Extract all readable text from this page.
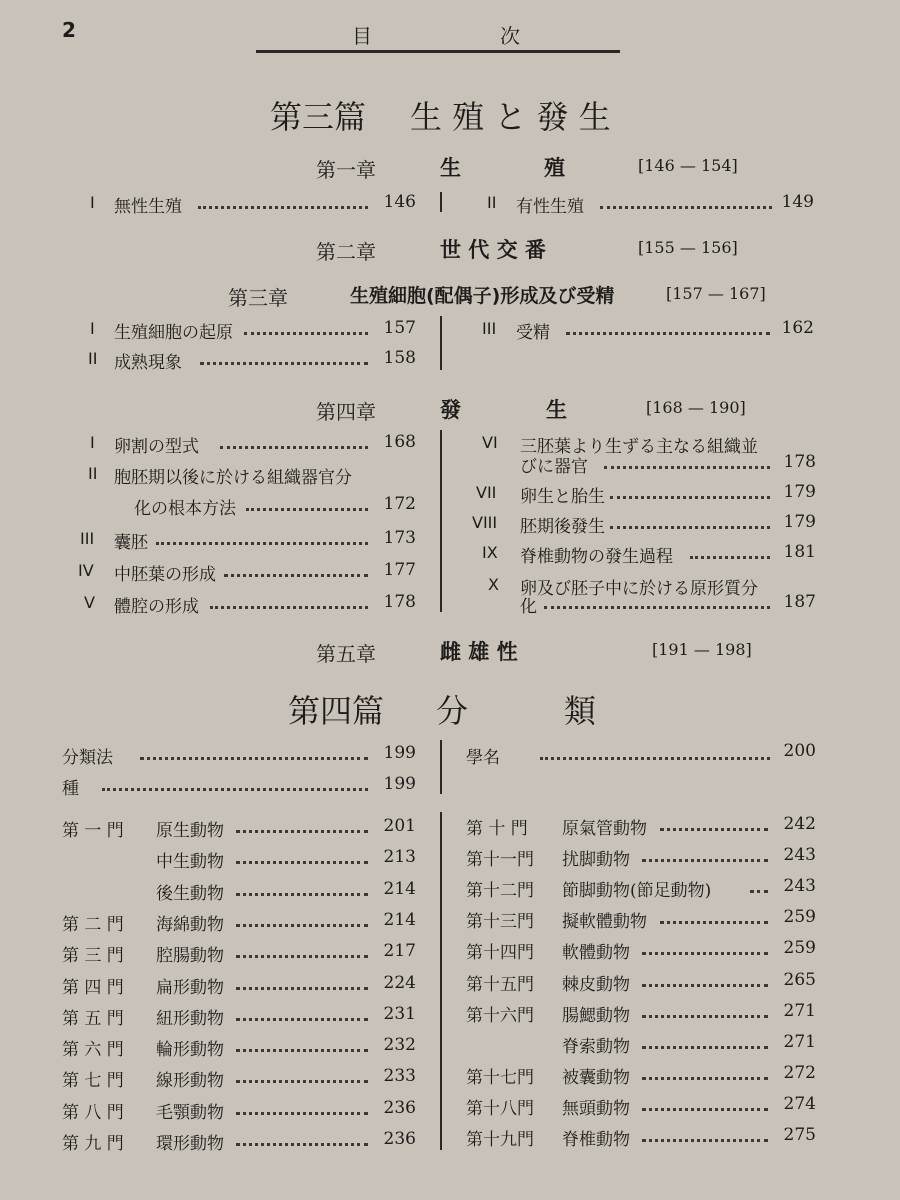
2	目	次
第三篇 生 殖 と 發 生
第一章	生	殖	[146 — 154]
I 無性生殖	146	II 有性生殖	149
第二章	世 代 交 番	[155 — 156]
第三章	生殖細胞(配偶子)形成及び受精	[157 — 167]
I 生殖細胞の起原	157
II 成熟現象	158
III 受精	162
第四章	發	生	[168 — 190]
I 卵割の型式	168
II 胞胚期以後に於ける組織器官分
化の根本方法	172
III 囊胚	173
IV 中胚葉の形成	177
V 體腔の形成	178
VI 三胚葉より生ずる主なる組織並
びに器官	178
VII 卵生と胎生	179
VIII 胚期後發生	179
IX 脊椎動物の發生過程	181
X 卵及び胚子中に於ける原形質分
化	187
第五章	雌 雄 性	[191 — 198]
第四篇 分	類
分類法	199
種	199
學名	200
第 一 門 原生動物	201
中生動物	213
後生動物	214
第 二 門 海綿動物	214
第 三 門 腔腸動物	217
第 四 門 扁形動物	224
第 五 門 紐形動物	231
第 六 門 輪形動物	232
第 七 門 線形動物	233
第 八 門 毛顎動物	236
第 九 門 環形動物	236
第 十 門 原氣管動物	242
第十一門 扰脚動物	243
第十二門 節脚動物(節足動物)	243
第十三門 擬軟體動物	259
第十四門 軟體動物	259
第十五門 棘皮動物	265
第十六門 腸鰓動物	271
脊索動物	271
第十七門 被囊動物	272
第十八門 無頭動物	274
第十九門 脊椎動物	275
